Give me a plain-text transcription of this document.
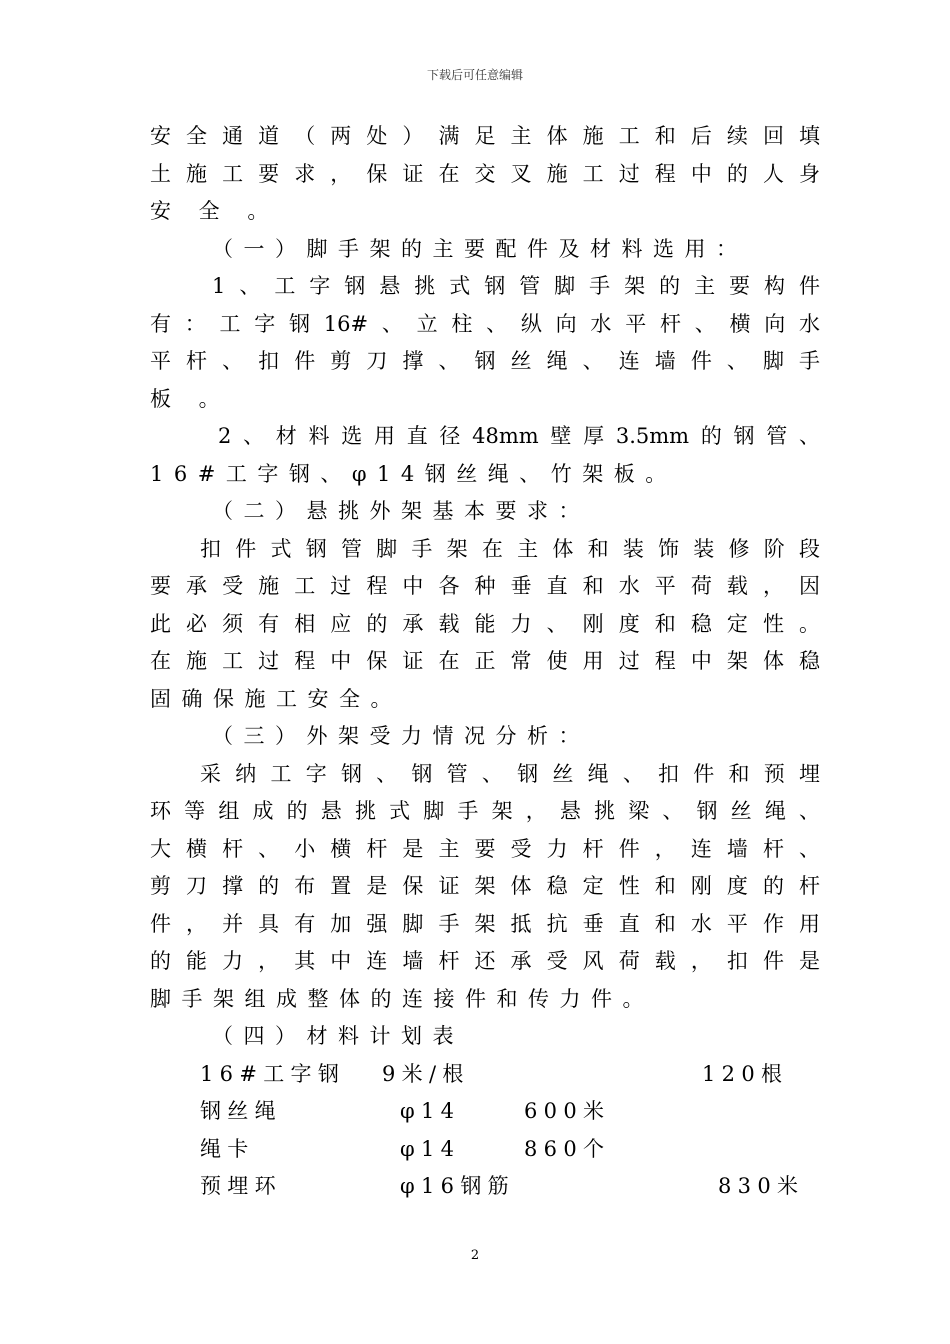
下载后可任意编辑
安全通道（两处）满足主体施工和后续回填
土施工要求，保证在交叉施工过程中的人身
安 全 。
（一）脚手架的主要配件及材料选用：
1、工字钢悬挑式钢管脚手架的主要构件
有：工字钢16#、立柱、纵向水平杆、横向水
平杆、扣件剪刀撑、钢丝绳、连墙件、脚手
板 。
2、材料选用直径48mm壁厚3.5mm的钢管、
16#工字钢、φ14钢丝绳、竹架板。
（二）悬挑外架基本要求：
扣件式钢管脚手架在主体和装饰装修阶段
要承受施工过程中各种垂直和水平荷载，因
此必须有相应的承载能力、刚度和稳定性。
在施工过程中保证在正常使用过程中架体稳
固确保施工安全。
（三）外架受力情况分析：
采纳工字钢、钢管、钢丝绳、扣件和预埋
环等组成的悬挑式脚手架，悬挑梁、钢丝绳、
大横杆、小横杆是主要受力杆件，连墙杆、
剪刀撑的布置是保证架体稳定性和刚度的杆
件，并具有加强脚手架抵抗垂直和水平作用
的能力，其中连墙杆还承受风荷载，扣件是
脚手架组成整体的连接件和传力件。
（四）材料计划表
16#工字钢 9米/根	120根
钢丝绳	φ14	600米
绳卡	φ14	860个
预埋环	φ16钢筋	830米
2
